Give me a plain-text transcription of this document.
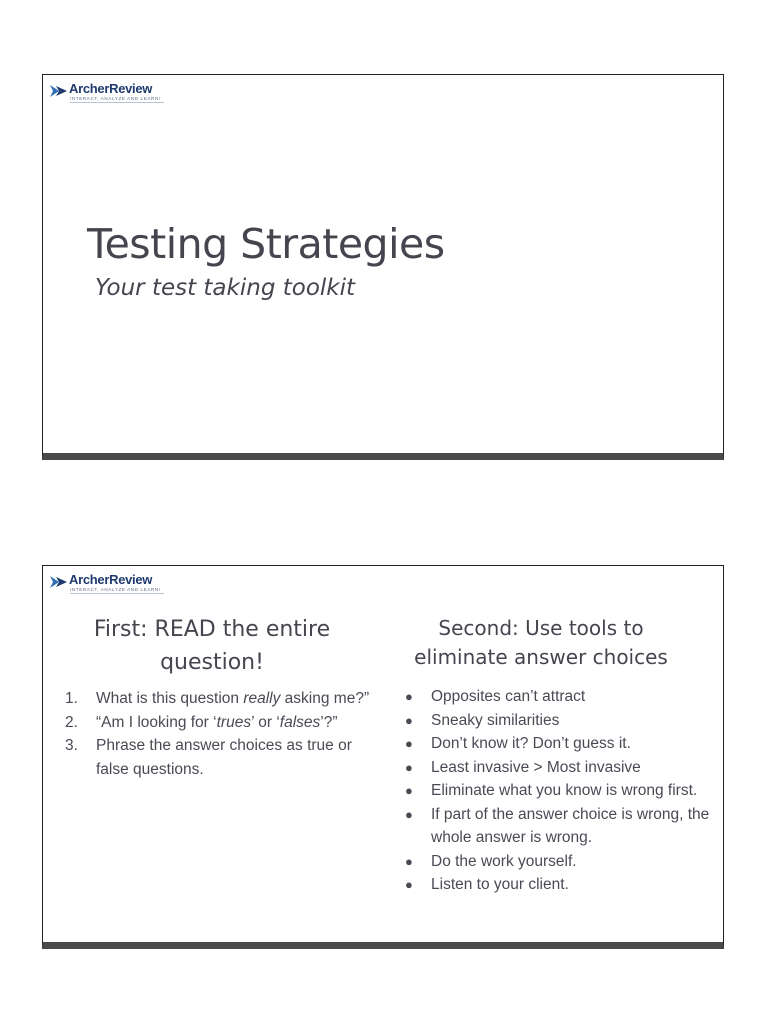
ArcherReview
INTERACT, ANALYZE AND LEARN!
Testing Strategies
Your test taking toolkit
ArcherReview
INTERACT, ANALYZE AND LEARN!
First: READ the entire
question!
1. What is this question really asking me?”
2. “Am I looking for ‘trues’ or ‘falses’?”
3. Phrase the answer choices as true or false questions.
Second: Use tools to
eliminate answer choices
● Opposites can’t attract
● Sneaky similarities
● Don’t know it? Don’t guess it.
● Least invasive > Most invasive
● Eliminate what you know is wrong first.
● If part of the answer choice is wrong, the whole answer is wrong.
● Do the work yourself.
● Listen to your client.
